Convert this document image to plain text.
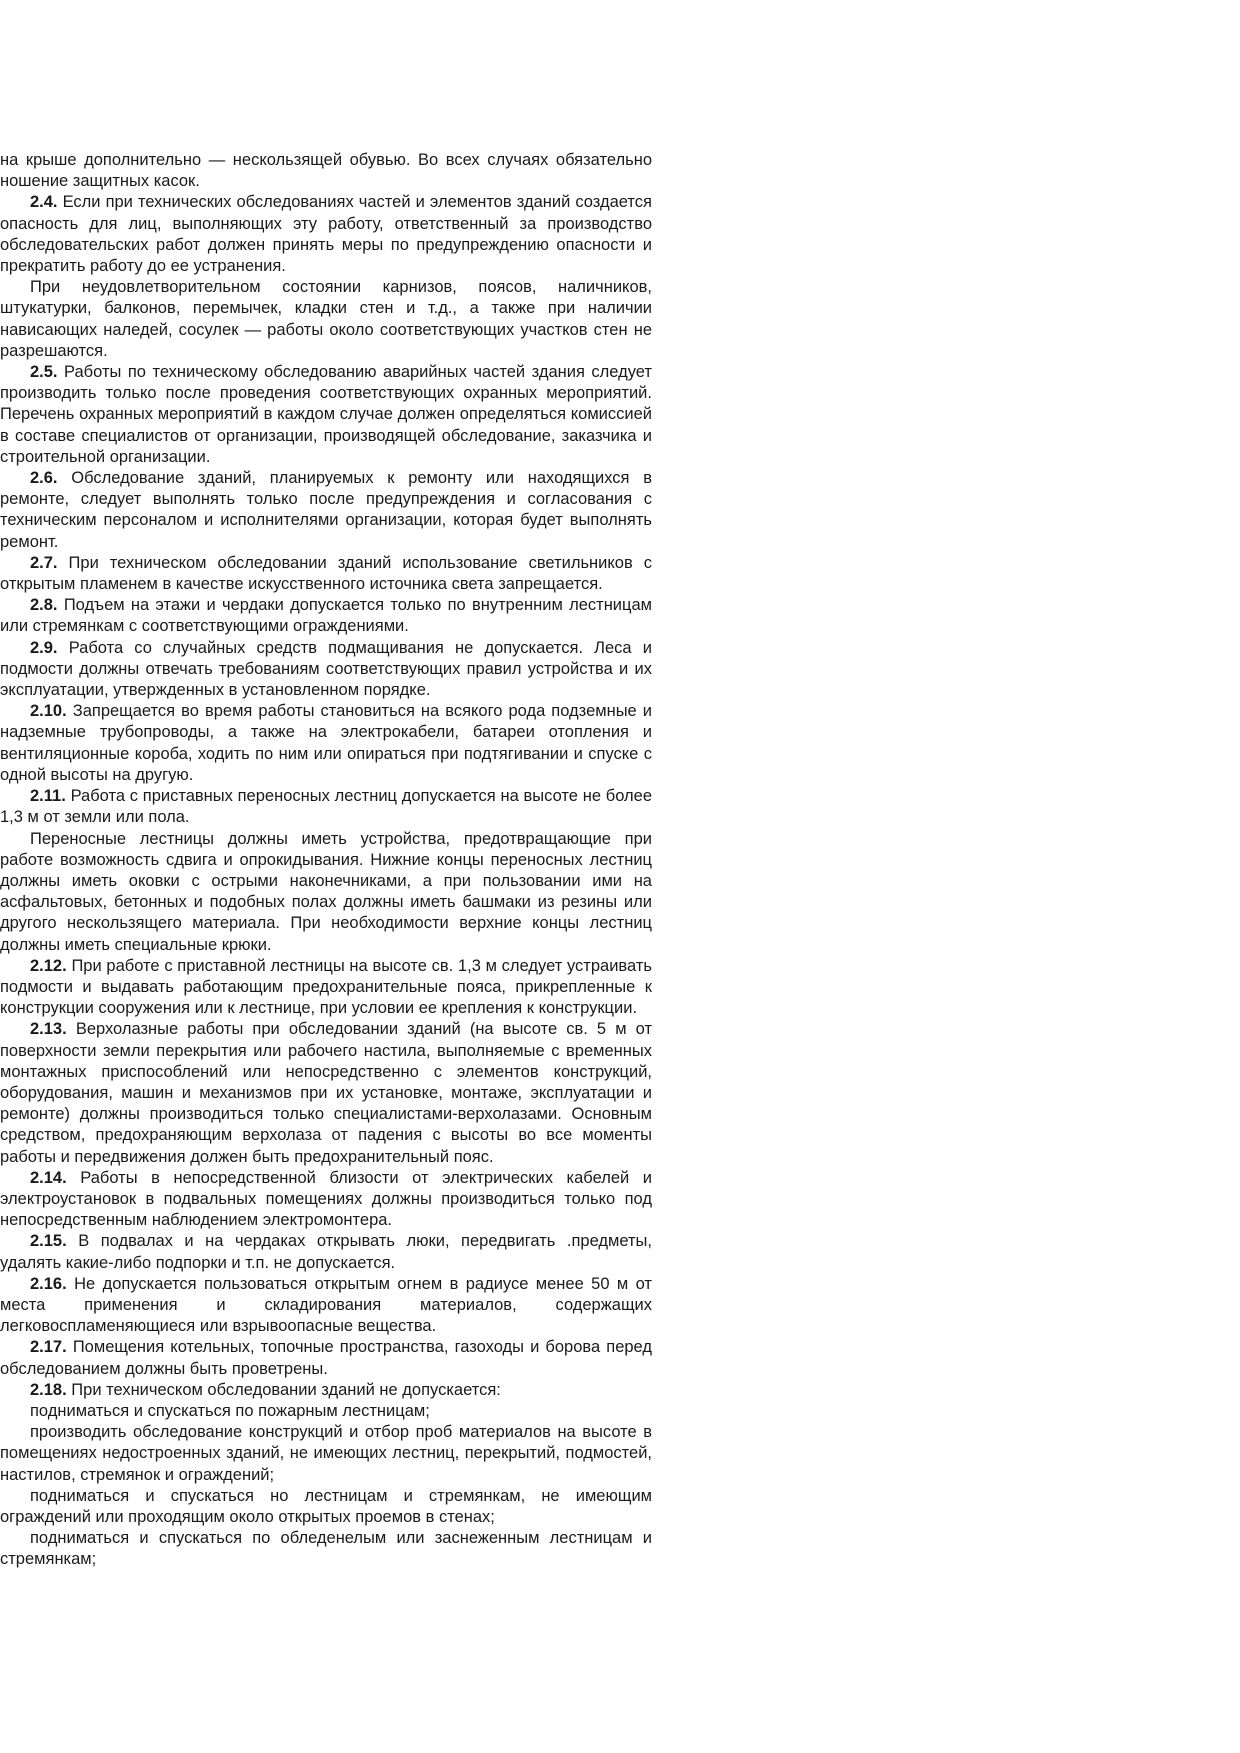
на крыше дополнительно — нескользящей обувью. Во всех случаях обязательно ношение защитных касок.

2.4. Если при технических обследованиях частей и элементов зданий создается опасность для лиц, выполняющих эту работу, ответственный за производство обследовательских работ должен принять меры по предупреждению опасности и прекратить работу до ее устранения.

При неудовлетворительном состоянии карнизов, поясов, наличников, штукатурки, балконов, перемычек, кладки стен и т.д., а также при наличии нависающих наледей, сосулек — работы около соответствующих участков стен не разрешаются.

2.5. Работы по техническому обследованию аварийных частей здания следует производить только после проведения соответствующих охранных мероприятий. Перечень охранных мероприятий в каждом случае должен определяться комиссией в составе специалистов от организации, производящей обследование, заказчика и строительной организации.

2.6. Обследование зданий, планируемых к ремонту или находящихся в ремонте, следует выполнять только после предупреждения и согласования с техническим персоналом и исполнителями организации, которая будет выполнять ремонт.

2.7. При техническом обследовании зданий использование светильников с открытым пламенем в качестве искусственного источника света запрещается.

2.8. Подъем на этажи и чердаки допускается только по внутренним лестницам или стремянкам с соответствующими ограждениями.

2.9. Работа со случайных средств подмащивания не допускается. Леса и подмости должны отвечать требованиям соответствующих правил устройства и их эксплуатации, утвержденных в установленном порядке.

2.10. Запрещается во время работы становиться на всякого рода подземные и надземные трубопроводы, а также на электрокабели, батареи отопления и вентиляционные короба, ходить по ним или опираться при подтягивании и спуске с одной высоты на другую.

2.11. Работа с приставных переносных лестниц допускается на высоте не более 1,3 м от земли или пола.

Переносные лестницы должны иметь устройства, предотвращающие при работе возможность сдвига и опрокидывания. Нижние концы переносных лестниц должны иметь оковки с острыми наконечниками, а при пользовании ими на асфальтовых, бетонных и подобных полах должны иметь башмаки из резины или другого нескользящего материала. При необходимости верхние концы лестниц должны иметь специальные крюки.

2.12. При работе с приставной лестницы на высоте св. 1,3 м следует устраивать подмости и выдавать работающим предохранительные пояса, прикрепленные к конструкции сооружения или к лестнице, при условии ее крепления к конструкции.

2.13. Верхолазные работы при обследовании зданий (на высоте св. 5 м от поверхности земли перекрытия или рабочего настила, выполняемые с временных монтажных приспособлений или непосредственно с элементов конструкций, оборудования, машин и механизмов при их установке, монтаже, эксплуатации и ремонте) должны производиться только специалистами-верхолазами. Основным средством, предохраняющим верхолаза от падения с высоты во все моменты работы и передвижения должен быть предохранительный пояс.

2.14. Работы в непосредственной близости от электрических кабелей и электроустановок в подвальных помещениях должны производиться только под непосредственным наблюдением электромонтера.

2.15. В подвалах и на чердаках открывать люки, передвигать .предметы, удалять какие-либо подпорки и т.п. не допускается.

2.16. Не допускается пользоваться открытым огнем в радиусе менее 50 м от места применения и складирования материалов, содержащих легковоспламеняющиеся или взрывоопасные вещества.

2.17. Помещения котельных, топочные пространства, газоходы и борова перед обследованием должны быть проветрены.

2.18. При техническом обследовании зданий не допускается:

подниматься и спускаться по пожарным лестницам;

производить обследование конструкций и отбор проб материалов на высоте в помещениях недостроенных зданий, не имеющих лестниц, перекрытий, подмостей, настилов, стремянок и ограждений;

подниматься и спускаться но лестницам и стремянкам, не имеющим ограждений или проходящим около открытых проемов в стенах;

подниматься и спускаться по обледенелым или заснеженным лестницам и стремянкам;
